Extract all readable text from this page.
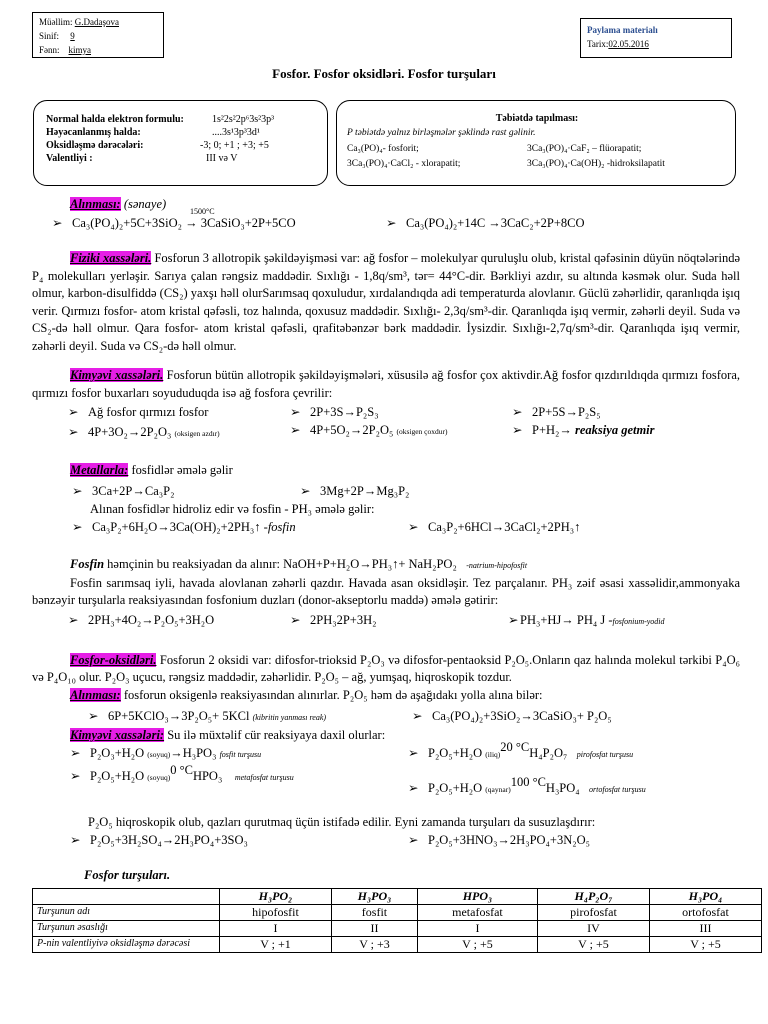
Müəllim: G.Dadaşova
Sinif: 9
Fənn: kimya
Paylama materialı
Tarix:02.05.2016
Fosfor. Fosfor oksidləri. Fosfor turşuları
Normal halda elektron formulu:	1s²2s²2p⁶3s²3p³
Həyəcanlanmış halda:	....3s¹3p³3d¹
Oksidləşmə dərəcələri:	-3; 0; +1 ; +3; +5
Valentliyi :	III və V
Təbiətdə tapılması:
P təbiətdə yalnız birləşmələr şəklində rast gəlinir.
Ca₃(PO)₄- fosforit;	3Ca₃(PO)₄·CaF₂ – flüorapatit;
3Ca₃(PO)₄·CaCl₂ - xlorapatit;	3Ca₃(PO)₄·Ca(OH)₂ -hidroksilapatit
Alınması: (sənaye)
1500°C
➢ Ca₃(PO₄)₂+5C+3SiO₂ → 3CaSiO₃+2P+5CO	➢ Ca₃(PO₄)₂+14C →3CaC₂+2P+8CO
Fiziki xassələri. Fosforun 3 allotropik şəkildəyişməsi var: ağ fosfor – molekulyar quruluşlu olub, kristal qəfəsinin düyün nöqtələrində P₄ molekulları yerləşir. Sarıya çalan rəngsiz maddədir. Sıxlığı - 1,8q/sm³, tər= 44°C-dir. Bərkliyi azdır, su altında kəsmək olur. Suda həll olmur, karbon-disulfiddə (CS₂) yaxşı həll olurSarımsaq qoxuludur, xırdalandıqda adi temperaturda alovlanır. Güclü zəhərlidir, qaranlıqda işıq verir. Qırmızı fosfor- atom kristal qəfəsli, toz halında, qoxusuz maddədir. Sıxlığı- 2,3q/sm³-dir. Qaranlıqda işıq vermir, zəhərli deyil. Suda və CS₂-də həll olmur. Qara fosfor- atom kristal qəfəsli, qrafitəbənzər bərk maddədir. İysizdir. Sıxlığı-2,7q/sm³-dir. Qaranlıqda işıq vermir, zəhərli deyil. Suda və CS₂-də həll olmur.
Kimyəvi xassələri. Fosforun bütün allotropik şəkildəyişmələri, xüsusilə ağ fosfor çox aktivdir.Ağ fosfor qızdırıldıqda qırmızı fosfora, qırmızı fosfor buxarları soyududuqda isə ağ fosfora çevrilir:
➢ Ağ fosfor qırmızı fosfor	➢ 2P+3S→P₂S₃	➢ 2P+5S→P₂S₅
➢ 4P+3O₂→2P₂O₃ (oksigen azdır)	➢ 4P+5O₂→2P₂O₅ (oksigen çoxdur)	➢ P+H₂→ reaksiya getmir
Metallarla: fosfidlər əmələ gəlir
➢ 3Ca+2P→Ca₃P₂	➢ 3Mg+2P→Mg₃P₂
Alınan fosfidlər hidroliz edir və fosfin - PH₃ əmələ gəlir:
➢ Ca₃P₂+6H₂O→3Ca(OH)₂+2PH₃↑ -fosfin	➢ Ca₃P₂+6HCl→3CaCl₂+2PH₃↑
Fosfin həmçinin bu reaksiyadan da alınır: NaOH+P+H₂O→PH₃↑+ NaH₂PO₂ -natrium-hipofosfit
Fosfin sarımsaq iyli, havada alovlanan zəhərli qazdır. Havada asan oksidləşir. Tez parçalanır. PH₃ zəif əsasi xassəlidir,ammonyaka bənzəyir turşularla reaksiyasından fosfonium duzları (donor-akseptorlu maddə) əmələ gətirir:
➢ 2PH₃+4O₂→P₂O₅+3H₂O	➢ 2PH₃2P+3H₂	➢ PH₃+HJ→ PH₄ J -fosfonium-yodid
Fosfor-oksidləri. Fosforun 2 oksidi var: difosfor-trioksid P₂O₃ və difosfor-pentaoksid P₂O₅.Onların qaz halında molekul tərkibi P₄O₆ və P₄O₁₀ olur. P₂O₃ uçucu, rəngsiz maddədir, zəhərlidir. P₂O₅ – ağ, yumşaq, hiqroskopik tozdur.
Alınması: fosforun oksigenlə reaksiyasından alınırlar. P₂O₅ həm də aşağıdakı yolla alına bilər:
➢ 6P+5KClO₃→3P₂O₅+ 5KCl (kibritin yanması reak)	➢ Ca₃(PO₄)₂+3SiO₂→3CaSiO₃+ P₂O₅
Kimyəvi xassələri: Su ilə müxtəlif cür reaksiyaya daxil olurlar:
➢ P₂O₃+H₂O (soyuq)→H₃PO₃ fosfit turşusu	➢ P₂O₅+H₂O (iliq)20 °CH₄P₂O₇ pirofosfat turşusu
➢ P₂O₅+H₂O (soyuq)0 °CHPO₃ metafosfat turşusu
➢ P₂O₅+H₂O (qaynar)100 °CH₃PO₄ ortofosfat turşusu
P₂O₅ hiqroskopik olub, qazları qurutmaq üçün istifadə edilir. Eyni zamanda turşuları da susuzlaşdırır:
➢ P₂O₅+3H₂SO₄→2H₃PO₄+3SO₃	➢ P₂O₅+3HNO₃→2H₃PO₄+3N₂O₅
Fosfor turşuları.
	H₃PO₂	H₃PO₃	HPO₃	H₄P₂O₇	H₃PO₄
Turşunun adı	hipofosfit	fosfit	metafosfat	pirofosfat	ortofosfat
Turşunun əsaslığı	I	II	I	IV	III
P-nin valentliyivə oksidləşmə dərəcəsi	V ; +1	V ; +3	V ; +5	V ; +5	V ; +5
